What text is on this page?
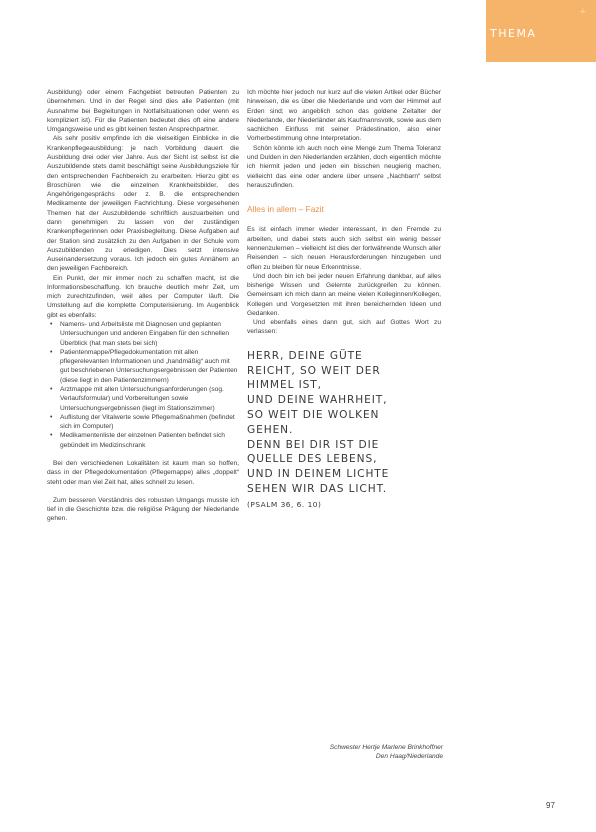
+
THEMA

Ausbildung) oder einem Fachgebiet betreuten Patienten zu übernehmen. Und in der Regel sind dies alle Patienten (mit Ausnahme bei Begleitungen in Notfallsituationen oder wenn es kompliziert ist). Für die Patienten bedeutet dies oft eine andere Umgangsweise und es gibt keinen festen Ansprechpartner.

Als sehr positiv empfinde ich die vielseitigen Einblicke in die Krankenpflegeausbildung: je nach Vorbildung dauert die Ausbildung drei oder vier Jahre. Aus der Sicht ist selbst ist die Auszubildende stets damit beschäftigt seine Ausbildungsziele für den entsprechenden Fachbereich zu erarbeiten. Hierzu gibt es Broschüren wie die einzelnen Krankheitsbilder, des Angehörigengesprächs oder z. B. die entsprechenden Medikamente der jeweiligen Fachrichtung. Diese vorgesehenen Themen hat der Auszubildende schriftlich auszuarbeiten und dann genehmigen zu lassen von der zuständigen Krankenpflegerinnen oder Praxisbegleitung. Diese Aufgaben auf der Station sind zusätzlich zu den Aufgaben in der Schule vom Auszubildenden zu erledigen. Dies setzt intensive Auseinandersetzung voraus. Ich jedoch ein gutes Annähern an den jeweiligen Fachbereich.

Ein Punkt, der mir immer noch zu schaffen macht, ist die Informationsbeschaffung. Ich brauche deutlich mehr Zeit, um mich zurechtzufinden, weil alles per Computer läuft. Die Umstellung auf die komplette Computerisierung. Im Augenblick gibt es ebenfalls:

• Namens- und Arbeitsliste mit Diagnosen und geplanten Untersuchungen und anderen Eingaben für den schnellen Überblick (hat man stets bei sich)
• Patientenmappe/Pflegedokumentation mit allen pflegerelevanten Informationen und „handmäßig“ auch mit gut beschriebenen Untersuchungsergebnissen der Patienten (diese liegt in den Patientenzimmern)
• Arztmappe mit allen Untersuchungsanforderungen (sog. Verlaufsformular) und Vorbereitungen sowie Untersuchungsergebnissen (liegt im Stationszimmer)
• Auflistung der Vitalwerte sowie Pflegemaßnahmen (befindet sich im Computer)
• Medikamentenliste der einzelnen Patienten befindet sich gebündelt im Medizinschrank

Bei den verschiedenen Lokalitäten ist kaum man so hoffen, dass in der Pflegedokumentation (Pflegemappe) alles „doppelt“ steht oder man viel Zeit hat, alles schnell zu lesen.

Zum besseren Verständnis des robusten Umgangs musste ich tief in die Geschichte bzw. die religiöse Prägung der Niederlande gehen.

Ich möchte hier jedoch nur kurz auf die vielen Artikel oder Bücher hinweisen, die es über die Niederlande und vom der Himmel auf Erden sind; wo angeblich schon das goldene Zeitalter der Niederlande, der Niederländer als Kaufmannsvolk, sowie aus dem sachlichen Einfluss mit seiner Prädestination, also einer Vorherbestimmung ohne Interpretation.

Schön könnte ich auch noch eine Menge zum Thema Toleranz und Dulden in den Niederlanden erzählen, doch eigentlich möchte ich hiermit jeden und jeden ein bisschen neugierig machen, vielleicht das eine oder andere über unsere „Nachbarn“ selbst herauszufinden.

Alles in allem – Fazit

Es ist einfach immer wieder interessant, in den Fremde zu arbeiten, und dabei stets auch sich selbst ein wenig besser kennenzulernen – vielleicht ist dies der fortwährende Wunsch aller Reisenden – sich neuen Herausforderungen hinzugeben und offen zu bleiben für neue Erkenntnisse.

Und doch bin ich bei jeder neuen Erfahrung dankbar, auf alles bisherige Wissen und Gelernte zurückgreifen zu können. Gemeinsam ich mich dann an meine vielen Kolleginnen/Kollegen, Kollegen und Vorgesetzten mit ihren bereichernden Ideen und Gedanken.

Und ebenfalls eines dann gut, sich auf Gottes Wort zu verlassen:

HERR, DEINE GÜTE
REICHT, SO WEIT DER
HIMMEL IST,
UND DEINE WAHRHEIT,
SO WEIT DIE WOLKEN
GEHEN.
DENN BEI DIR IST DIE
QUELLE DES LEBENS,
UND IN DEINEM LICHTE
SEHEN WIR DAS LICHT.
(PSALM 36, 6. 10)
Schwester Hertje Marlene Brinkhoffner
Den Haag/Niederlande
97
